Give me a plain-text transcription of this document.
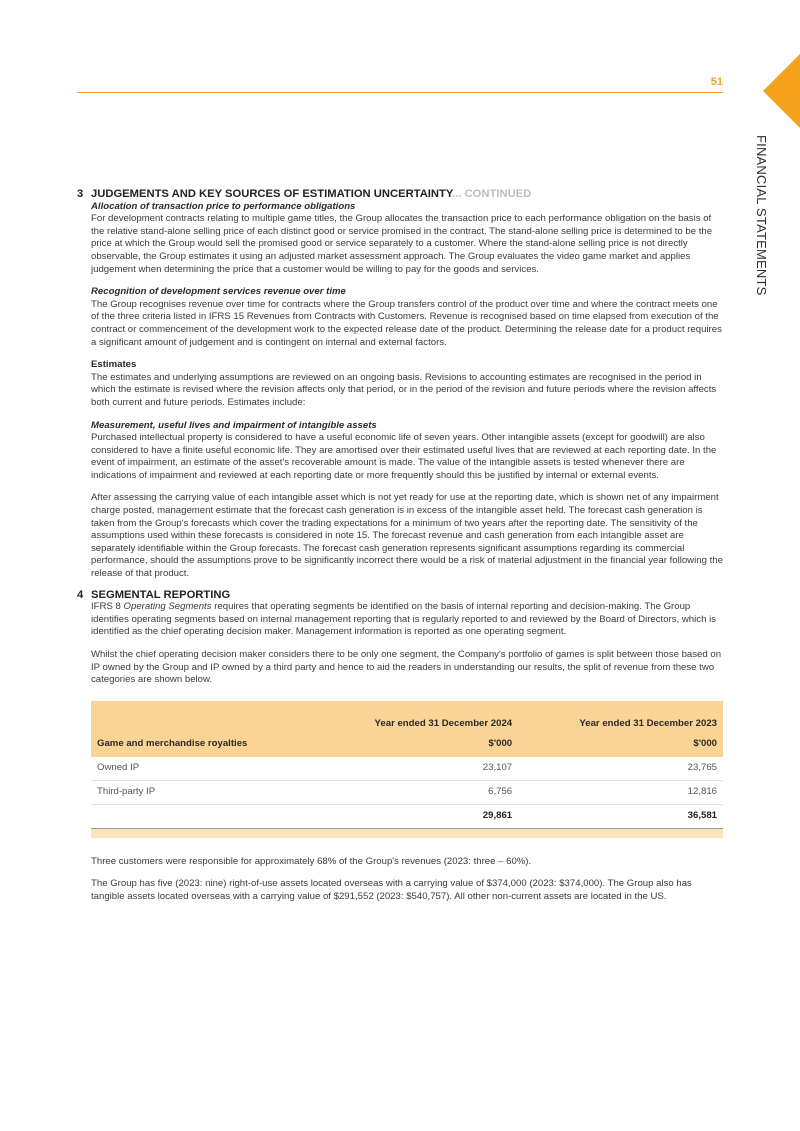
51
FINANCIAL STATEMENTS
3 JUDGEMENTS AND KEY SOURCES OF ESTIMATION UNCERTAINTY... CONTINUED

Allocation of transaction price to performance obligations

For development contracts relating to multiple game titles, the Group allocates the transaction price to each performance obligation on the basis of the relative stand-alone selling price of each distinct good or service promised in the contract. The stand-alone selling price is determined to be the price at which the Group would sell the promised good or service separately to a customer. Where the stand-alone selling price is not directly observable, the Group estimates it using an adjusted market assessment approach. The Group evaluates the video game market and applies judgement when determining the price that a customer would be willing to pay for the goods and services.

Recognition of development services revenue over time

The Group recognises revenue over time for contracts where the Group transfers control of the product over time and where the contract meets one of the three criteria listed in IFRS 15 Revenues from Contracts with Customers. Revenue is recognised based on time elapsed from execution of the contract or commencement of the development work to the expected release date of the product. Determining the release date for a product requires a significant amount of judgement and is contingent on internal and external factors.

Estimates

The estimates and underlying assumptions are reviewed on an ongoing basis. Revisions to accounting estimates are recognised in the period in which the estimate is revised where the revision affects only that period, or in the period of the revision and future periods where the revision affects both current and future periods. Estimates include:

Measurement, useful lives and impairment of intangible assets

Purchased intellectual property is considered to have a useful economic life of seven years. Other intangible assets (except for goodwill) are also considered to have a finite useful economic life. They are amortised over their estimated useful lives that are reviewed at each reporting date. In the event of impairment, an estimate of the asset's recoverable amount is made. The value of the intangible assets is tested whenever there are indications of impairment and reviewed at each reporting date or more frequently should this be justified by internal or external events.

After assessing the carrying value of each intangible asset which is not yet ready for use at the reporting date, which is shown net of any impairment charge posted, management estimate that the forecast cash generation is in excess of the intangible asset held. The forecast cash generation is taken from the Group's forecasts which cover the trading expectations for a minimum of two years after the reporting date. The sensitivity of the assumptions used within these forecasts is considered in note 15. The forecast revenue and cash generation from each intangible asset are separately identifiable within the Group forecasts. The forecast cash generation represents significant assumptions regarding its commercial performance, should the assumptions prove to be significantly incorrect there would be a risk of material adjustment in the financial year following the release of that product.

4 SEGMENTAL REPORTING

IFRS 8 Operating Segments requires that operating segments be identified on the basis of internal reporting and decision-making. The Group identifies operating segments based on internal management reporting that is regularly reported to and reviewed by the Board of Directors, which is identified as the chief operating decision maker. Management information is reported as one operating segment.

Whilst the chief operating decision maker considers there to be only one segment, the Company's portfolio of games is split between those based on IP owned by the Group and IP owned by a third party and hence to aid the readers in understanding our results, the split of revenue from these two categories are shown below.

	Year ended 31 December 2024	Year ended 31 December 2023
Game and merchandise royalties	$'000	$'000
Owned IP	23,107	23,765
Third-party IP	6,756	12,816
	29,861	36,581

Three customers were responsible for approximately 68% of the Group's revenues (2023: three – 60%).

The Group has five (2023: nine) right-of-use assets located overseas with a carrying value of $374,000 (2023: $374,000). The Group also has tangible assets located overseas with a carrying value of $291,552 (2023: $540,757). All other non-current assets are located in the US.
